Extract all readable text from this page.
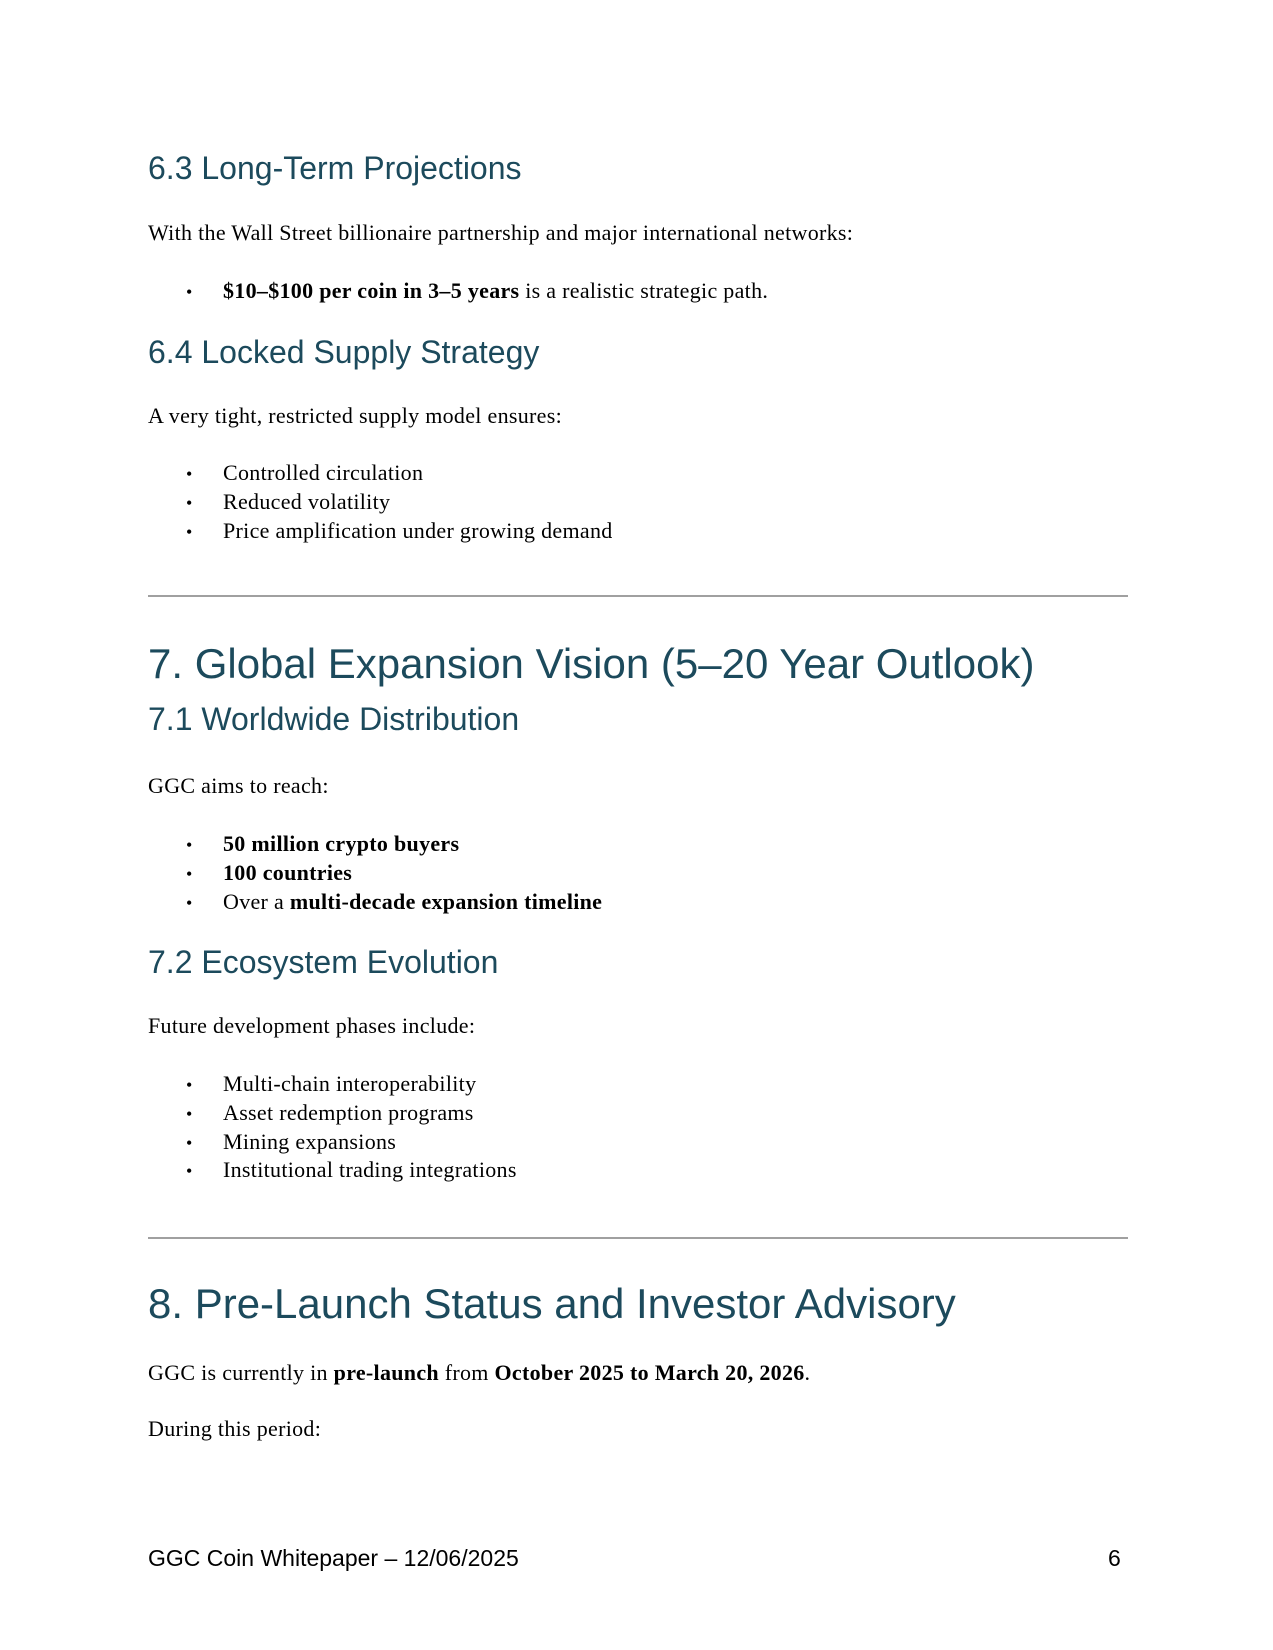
6.3 Long-Term Projections
With the Wall Street billionaire partnership and major international networks:
• $10–$100 per coin in 3–5 years is a realistic strategic path.
6.4 Locked Supply Strategy
A very tight, restricted supply model ensures:
• Controlled circulation
• Reduced volatility
• Price amplification under growing demand
7. Global Expansion Vision (5–20 Year Outlook)
7.1 Worldwide Distribution
GGC aims to reach:
• 50 million crypto buyers
• 100 countries
• Over a multi-decade expansion timeline
7.2 Ecosystem Evolution
Future development phases include:
• Multi-chain interoperability
• Asset redemption programs
• Mining expansions
• Institutional trading integrations
8. Pre-Launch Status and Investor Advisory
GGC is currently in pre-launch from October 2025 to March 20, 2026.
During this period:
GGC Coin Whitepaper – 12/06/2025	6
